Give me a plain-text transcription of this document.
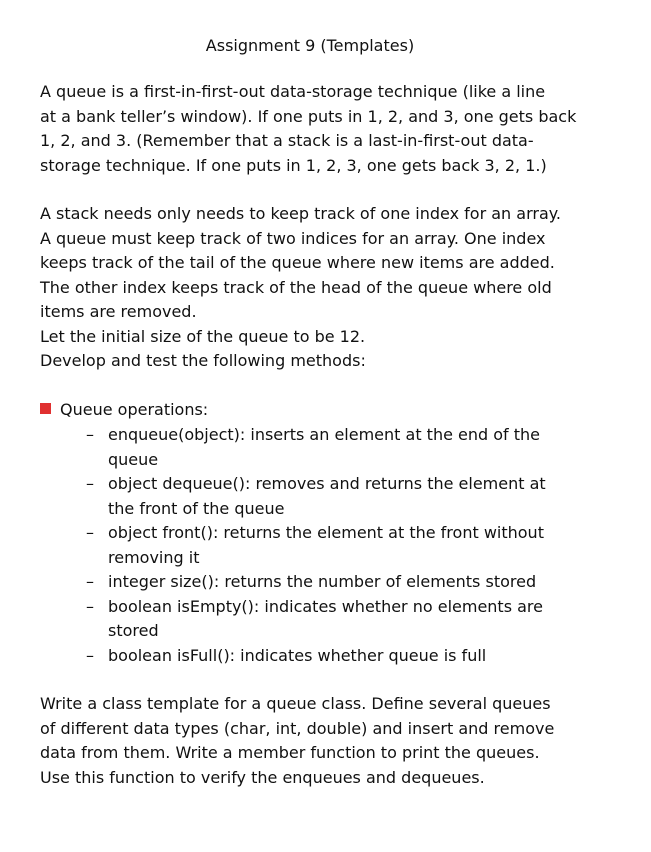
Assignment 9 (Templates)

A queue is a first-in-first-out data-storage technique (like a line
at a bank teller’s window). If one puts in 1, 2, and 3, one gets back
1, 2, and 3. (Remember that a stack is a last-in-first-out data-
storage technique. If one puts in 1, 2, 3, one gets back 3, 2, 1.)

A stack needs only needs to keep track of one index for an array.
A queue must keep track of two indices for an array. One index
keeps track of the tail of the queue where new items are added.
The other index keeps track of the head of the queue where old
items are removed.
Let the initial size of the queue to be 12.
Develop and test the following methods:

Queue operations:
– enqueue(object): inserts an element at the end of the
queue
– object dequeue(): removes and returns the element at
the front of the queue
– object front(): returns the element at the front without
removing it
– integer size(): returns the number of elements stored
– boolean isEmpty(): indicates whether no elements are
stored
– boolean isFull(): indicates whether queue is full

Write a class template for a queue class. Define several queues
of different data types (char, int, double) and insert and remove
data from them. Write a member function to print the queues.
Use this function to verify the enqueues and dequeues.
